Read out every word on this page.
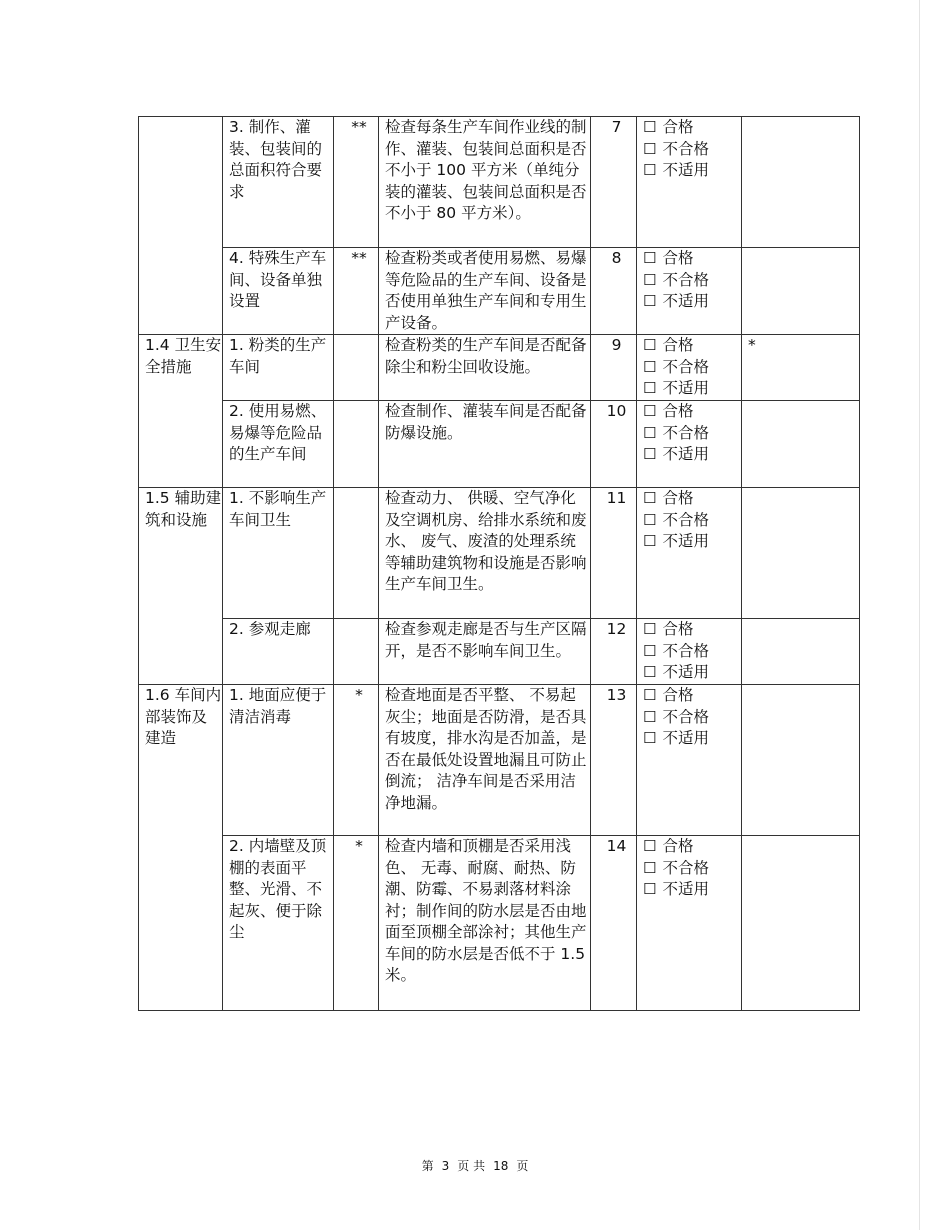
	3. 制作、灌装、包装间的总面积符合要求	**	检查每条生产车间作业线的制作、灌装、包装间总面积是否不小于 100 平方米（单纯分装的灌装、包装间总面积是否不小于 80 平方米）。	7	☐ 合格
☐ 不合格
☐ 不适用	

	4. 特殊生产车间、设备单独设置	**	检查粉类或者使用易燃、易爆等危险品的生产车间、设备是否使用单独生产车间和专用生产设备。	8	☐ 合格
☐ 不合格
☐ 不适用	

1.4 卫生安全措施	1. 粉类的生产车间		检查粉类的生产车间是否配备除尘和粉尘回收设施。	9	☐ 合格
☐ 不合格
☐ 不适用	*
	2. 使用易燃、易爆等危险品的生产车间		检查制作、灌装车间是否配备防爆设施。	10	☐ 合格
☐ 不合格
☐ 不适用	

1.5 辅助建筑和设施	1. 不影响生产车间卫生		检查动力、 供暖、空气净化及空调机房、给排水系统和废水、 废气、废渣的处理系统等辅助建筑物和设施是否影响生产车间卫生。	11	☐ 合格
☐ 不合格
☐ 不适用	

	2. 参观走廊		检查参观走廊是否与生产区隔开，是否不影响车间卫生。	12	☐ 合格
☐ 不合格
☐ 不适用	

1.6 车间内部装饰及建造	1. 地面应便于清洁消毒	*	检查地面是否平整、 不易起灰尘；地面是否防滑，是否具有坡度，排水沟是否加盖，是否在最低处设置地漏且可防止倒流； 洁净车间是否采用洁净地漏。	13	☐ 合格
☐ 不合格
☐ 不适用	

	2. 内墙壁及顶棚的表面平整、光滑、不起灰、便于除尘	*	检查内墙和顶棚是否采用浅色、 无毒、耐腐、耐热、防潮、防霉、不易剥落材料涂衬；制作间的防水层是否由地面至顶棚全部涂衬；其他生产车间的防水层是否低不于 1.5 米。	14	☐ 合格
☐ 不合格
☐ 不适用	

第 3 页 共 18 页
